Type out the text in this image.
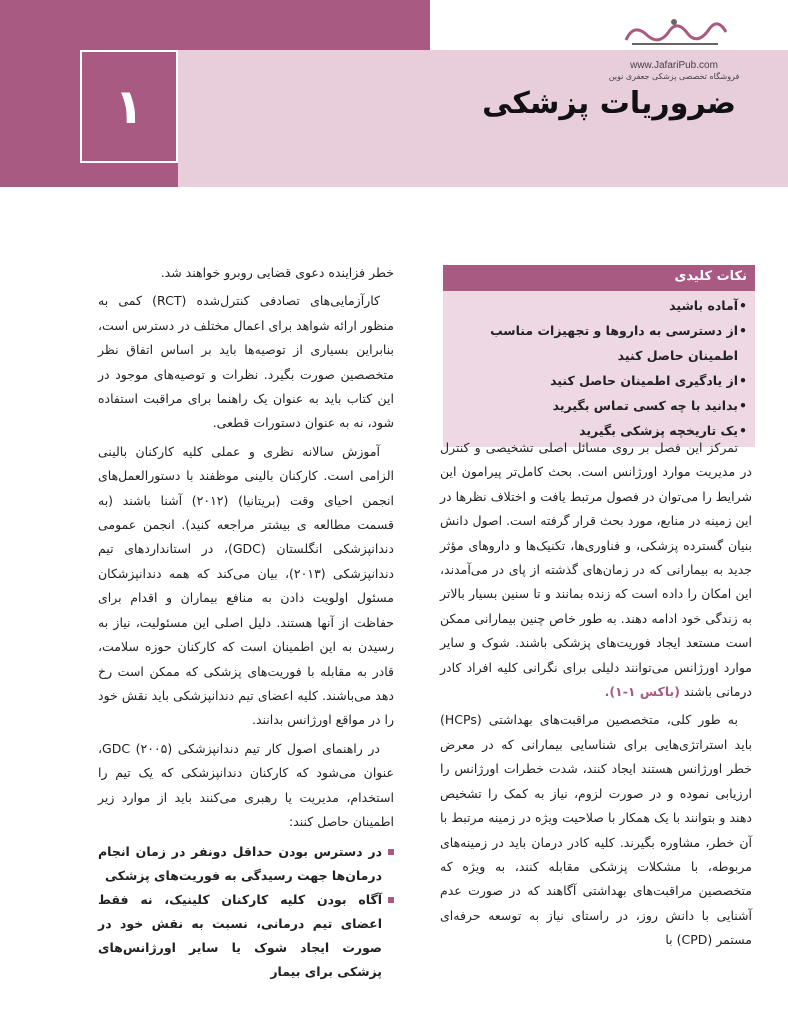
۱
www.JafariPub.com
فروشگاه تخصصی پزشکی جعفری نوین
ضروریات پزشکی
نکات کلیدی
• آماده باشید
• از دسترسی به داروها و تجهیزات مناسب اطمینان حاصل کنید
• از یادگیری اطمینان حاصل کنید
• بدانید با چه کسی تماس بگیرید
• یک تاریخچه پزشکی بگیرید

تمرکز این فصل بر روی مسائل اصلی تشخیصی و کنترل در مدیریت موارد اورژانس است. بحث کامل‌تر پیرامون این شرایط را می‌توان در فصول مرتبط یافت و اختلاف نظرها در این زمینه در منابع، مورد بحث قرار گرفته است. اصول دانش بنیان گسترده پزشکی، و فناوری‌ها، تکنیک‌ها و داروهای مؤثر جدید به بیمارانی که در زمان‌های گذشته از پای در می‌آمدند، این امکان را داده است که زنده بمانند و تا سنین بسیار بالاتر به زندگی خود ادامه دهند. به طور خاص چنین بیمارانی ممکن است مستعد ایجاد فوریت‌های پزشکی باشند. شوک و سایر موارد اورژانس می‌توانند دلیلی برای نگرانی کلیه افراد کادر درمانی باشند (باکس ۱-۱).

به طور کلی، متخصصین مراقبت‌های بهداشتی (HCPs) باید استراتژی‌هایی برای شناسایی بیمارانی که در معرض خطر اورژانس هستند ایجاد کنند، شدت خطرات اورژانس را ارزیابی نموده و در صورت لزوم، نیاز به کمک را تشخیص دهند و بتوانند با یک همکار با صلاحیت ویژه در زمینه مرتبط با آن خطر، مشاوره بگیرند. کلیه کادر درمان باید در زمینه‌های مربوطه، با مشکلات پزشکی مقابله کنند، به ویژه که متخصصین مراقبت‌های بهداشتی آگاهند که در صورت عدم آشنایی با دانش روز، در راستای نیاز به توسعه حرفه‌ای مستمر (CPD) با

خطر فزاینده دعوی قضایی روبرو خواهند شد.

کارآزمایی‌های تصادفی کنترل‌شده (RCT) کمی به منظور ارائه شواهد برای اعمال مختلف در دسترس است، بنابراین بسیاری از توصیه‌ها باید بر اساس اتفاق نظر متخصصین صورت بگیرد. نظرات و توصیه‌های موجود در این کتاب باید به عنوان یک راهنما برای مراقبت استفاده شود، نه به عنوان دستورات قطعی.

آموزش سالانه نظری و عملی کلیه کارکنان بالینی الزامی است. کارکنان بالینی موظفند با دستورالعمل‌های انجمن احیای وقت (بریتانیا) (۲۰۱۲) آشنا باشند (به قسمت مطالعه ی بیشتر مراجعه کنید). انجمن عمومی دندانپزشکی انگلستان (GDC)، در استانداردهای تیم دندانپزشکی (۲۰۱۳)، بیان می‌کند که همه دندانپزشکان مسئول اولویت دادن به منافع بیماران و اقدام برای حفاظت از آنها هستند. دلیل اصلی این مسئولیت، نیاز به رسیدن به این اطمینان است که کارکنان حوزه سلامت، قادر به مقابله با فوریت‌های پزشکی که ممکن است رخ دهد می‌باشند. کلیه اعضای تیم دندانپزشکی باید نقش خود را در مواقع اورژانس بدانند.

در راهنمای اصول کار تیم دندانپزشکی GDC (۲۰۰۵)، عنوان می‌شود که کارکنان دندانپزشکی که یک تیم را استخدام، مدیریت یا رهبری می‌کنند باید از موارد زیر اطمینان حاصل کنند:

در دسترس بودن حداقل دونفر در زمان انجام درمان‌ها جهت رسیدگی به فوریت‌های پزشکی
آگاه بودن کلیه کارکنان کلینیک، نه فقط اعضای تیم درمانی، نسبت به نقش خود در صورت ایجاد شوک یا سایر اورژانس‌های پزشکی برای بیمار
